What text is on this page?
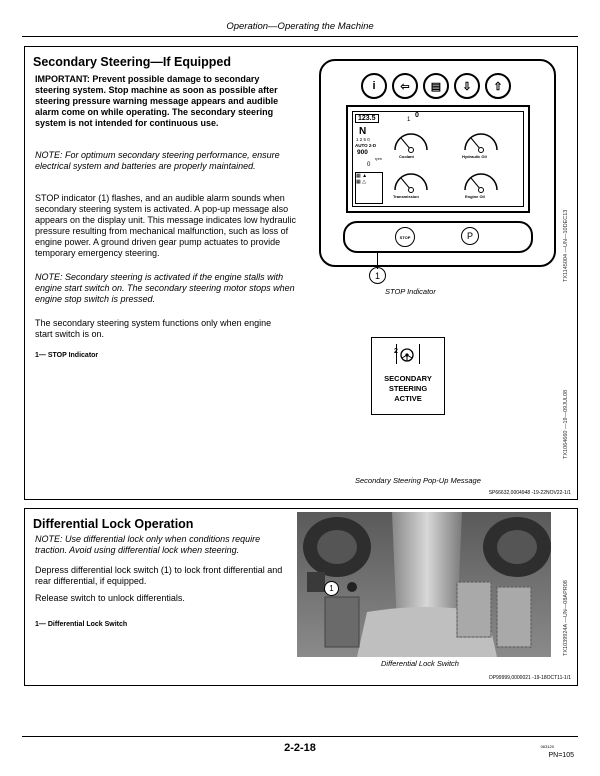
Operation—Operating the Machine
Secondary Steering—If Equipped
IMPORTANT: Prevent possible damage to secondary steering system. Stop machine as soon as possible after steering pressure warning message appears and audible alarm come on while operating. The secondary steering system is not intended for continuous use.
NOTE: For optimum secondary steering performance, ensure electrical system and batteries are properly maintained.
STOP indicator (1) flashes, and an audible alarm sounds when secondary steering system is activated. A pop-up message also appears on the display unit. This message indicates low hydraulic pressure resulting from mechanical malfunction, such as loss of engine power. A ground driven gear pump actuates to provide temporary emergency steering.
NOTE: Secondary steering is activated if the engine stalls with engine start switch on. The secondary steering motor stops when engine stop switch is pressed.
The secondary steering system functions only when engine start switch is on.
1— STOP Indicator
i	⇦	▤	⇩	⇧
123.5	0
1
N
1 2 5 0
AUTO 2-D
900
rpm
0
▦ ▲
▦ △
Coolant	Hydraulic Oil
Transmission	Engine Oil
STOP	P
1
STOP Indicator
TX1145004 —UN—10DEC13
2
SECONDARY
STEERING
ACTIVE
Secondary Steering Pop-Up Message
TX1064660 —19—09JUL08
SP66632,0004948 -19-22NOV22-1/1
Differential Lock Operation
NOTE: Use differential lock only when conditions require traction. Avoid using differential lock when steering.
Depress differential lock switch (1) to lock front differential and rear differential, if equipped.
Release switch to unlock differentials.
1— Differential Lock Switch
1
Differential Lock Switch
TX1039924A —UN—08APR08
DP99999,0000021 -19-18OCT11-1/1
2-2-18	063120
PN=105
